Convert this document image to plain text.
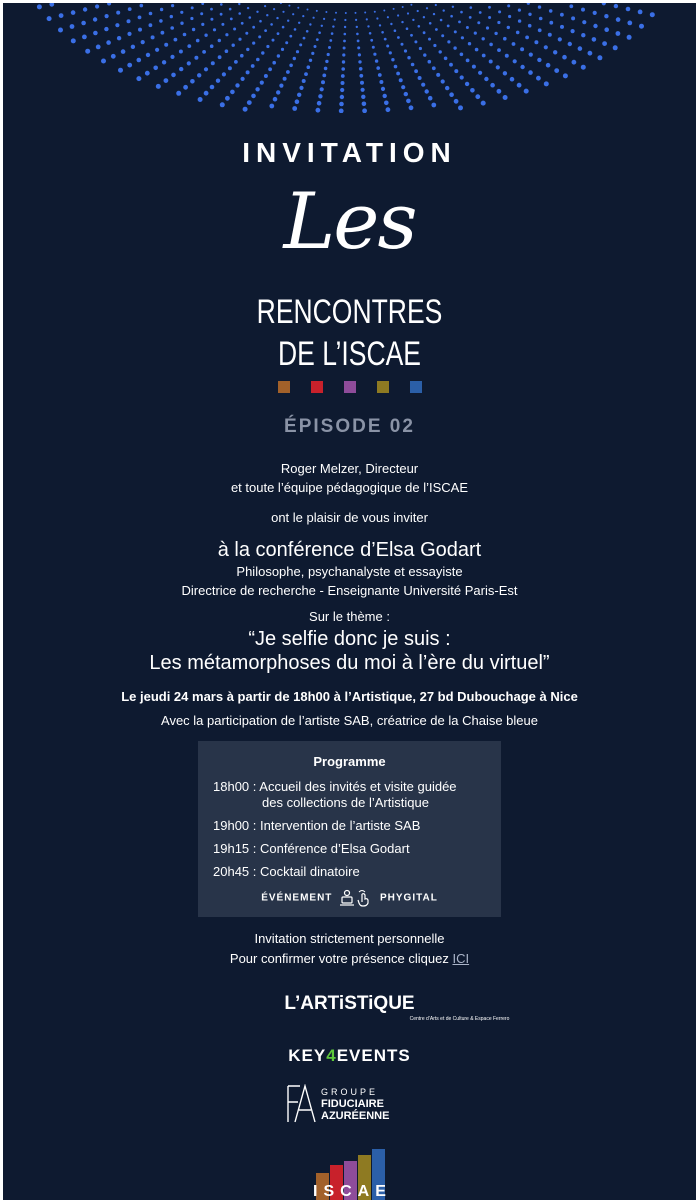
INVITATION
Les
RENCONTRES
DE L’ISCAE
ÉPISODE 02
Roger Melzer, Directeur
et toute l’équipe pédagogique de l’ISCAE
ont le plaisir de vous inviter
à la conférence d’Elsa Godart
Philosophe, psychanalyste et essayiste
Directrice de recherche - Enseignante Université Paris-Est
Sur le thème :
“Je selfie donc je suis :
Les métamorphoses du moi à l’ère du virtuel”
Le jeudi 24 mars à partir de 18h00 à l’Artistique, 27 bd Dubouchage à Nice
Avec la participation de l’artiste SAB, créatrice de la Chaise bleue
Programme
18h00 : Accueil des invités et visite guidée
des collections de l’Artistique
19h00 : Intervention de l’artiste SAB
19h15 : Conférence d’Elsa Godart
20h45 : Cocktail dinatoire
ÉVÉNEMENT	PHYGITAL
Invitation strictement personnelle
Pour confirmer votre présence cliquez ICI
L’ARTiSTiQUE
Centre d’Arts et de Culture & Espace Ferrero
KEY4EVENTS
GROUPE
FIDUCIAIRE
AZURÉENNE
ISCAE
